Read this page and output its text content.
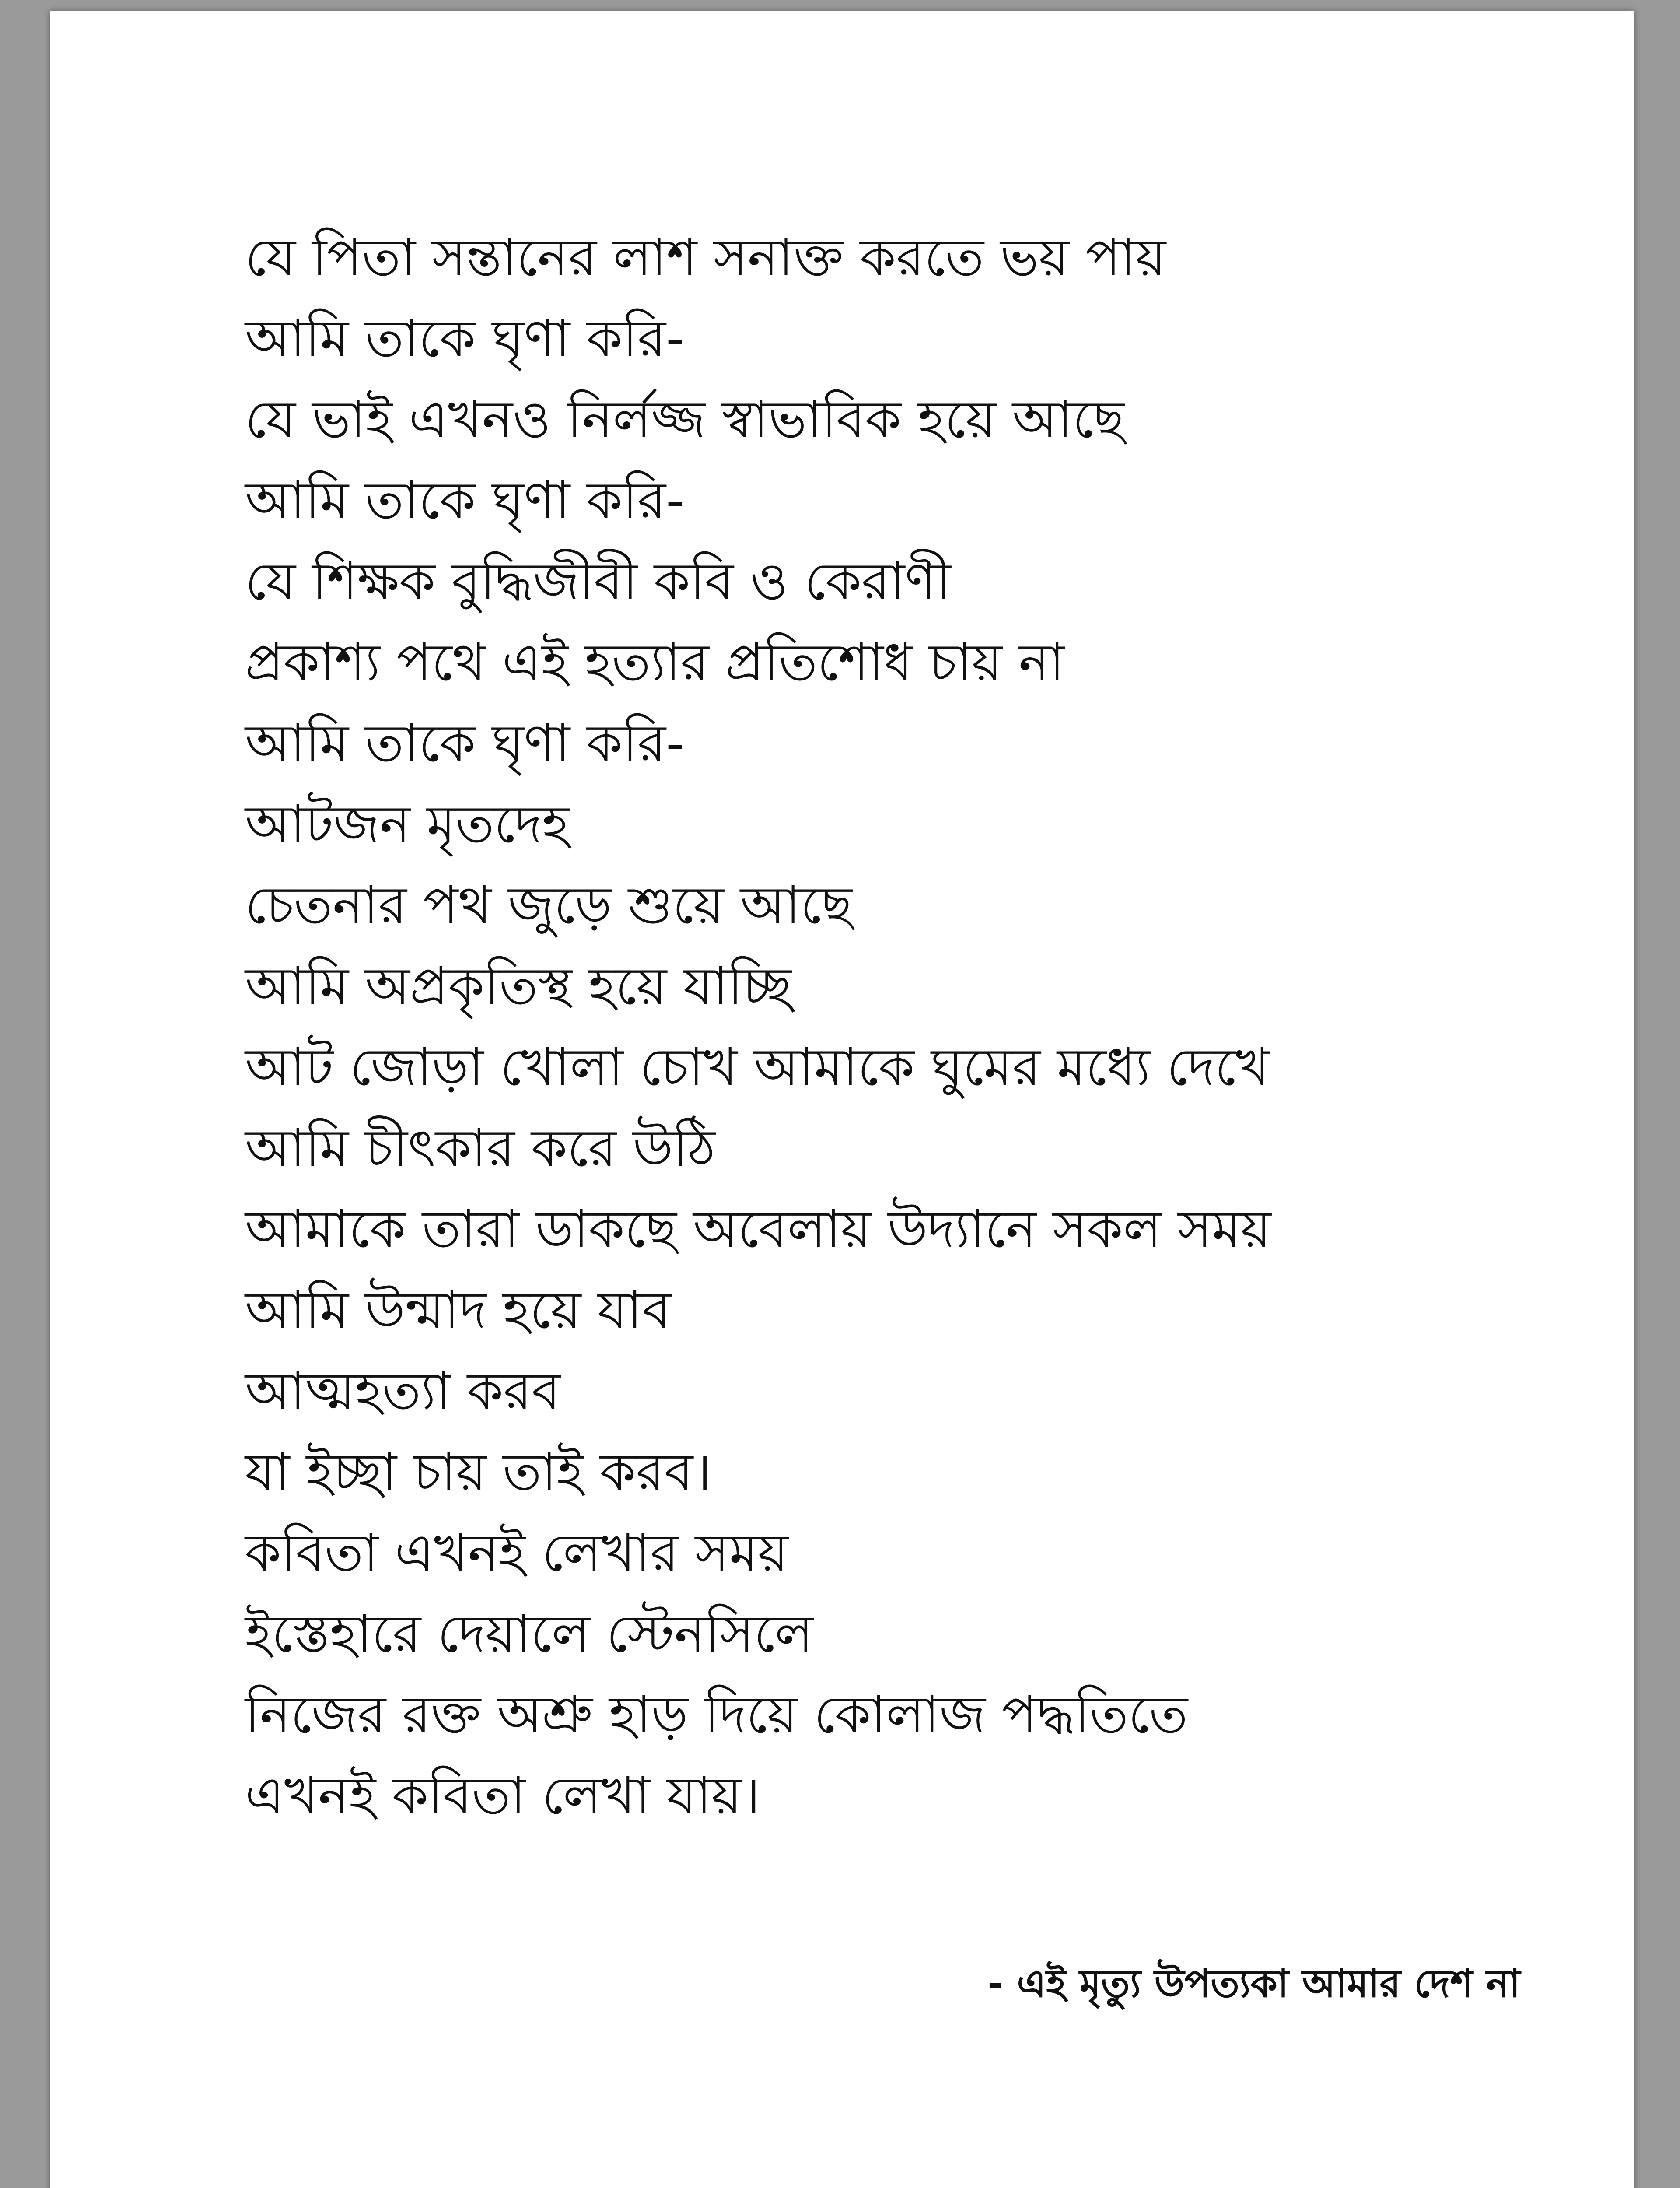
যে পিতা সন্তানের লাশ সনাক্ত করতে ভয় পায়
আমি তাকে ঘৃণা করি-
যে ভাই এখনও নির্লজ্জ স্বাভাবিক হয়ে আছে
আমি তাকে ঘৃণা করি-
যে শিক্ষক বুদ্ধিজীবী কবি ও কেরাণী
প্রকাশ্য পথে এই হত্যার প্রতিশোধ চায় না
আমি তাকে ঘৃণা করি-
আটজন মৃতদেহ
চেতনার পথ জুড়ে শুয়ে আছে
আমি অপ্রকৃতিস্থ হয়ে যাচ্ছি
আট জোড়া খোলা চোখ আমাকে ঘুমের মধ্যে দেখে
আমি চীৎকার করে উঠি
আমাকে তারা ডাকছে অবেলায় উদ্যানে সকল সময়
আমি উন্মাদ হয়ে যাব
আত্মহত্যা করব
যা ইচ্ছা চায় তাই করব।
কবিতা এখনই লেখার সময়
ইস্তেহারে দেয়ালে স্টেনসিলে
নিজের রক্ত অশ্রু হাড় দিয়ে কোলাজ পদ্ধতিতে
এখনই কবিতা লেখা যায়।
- এই মৃত্যু উপত্যকা আমার দেশ না
